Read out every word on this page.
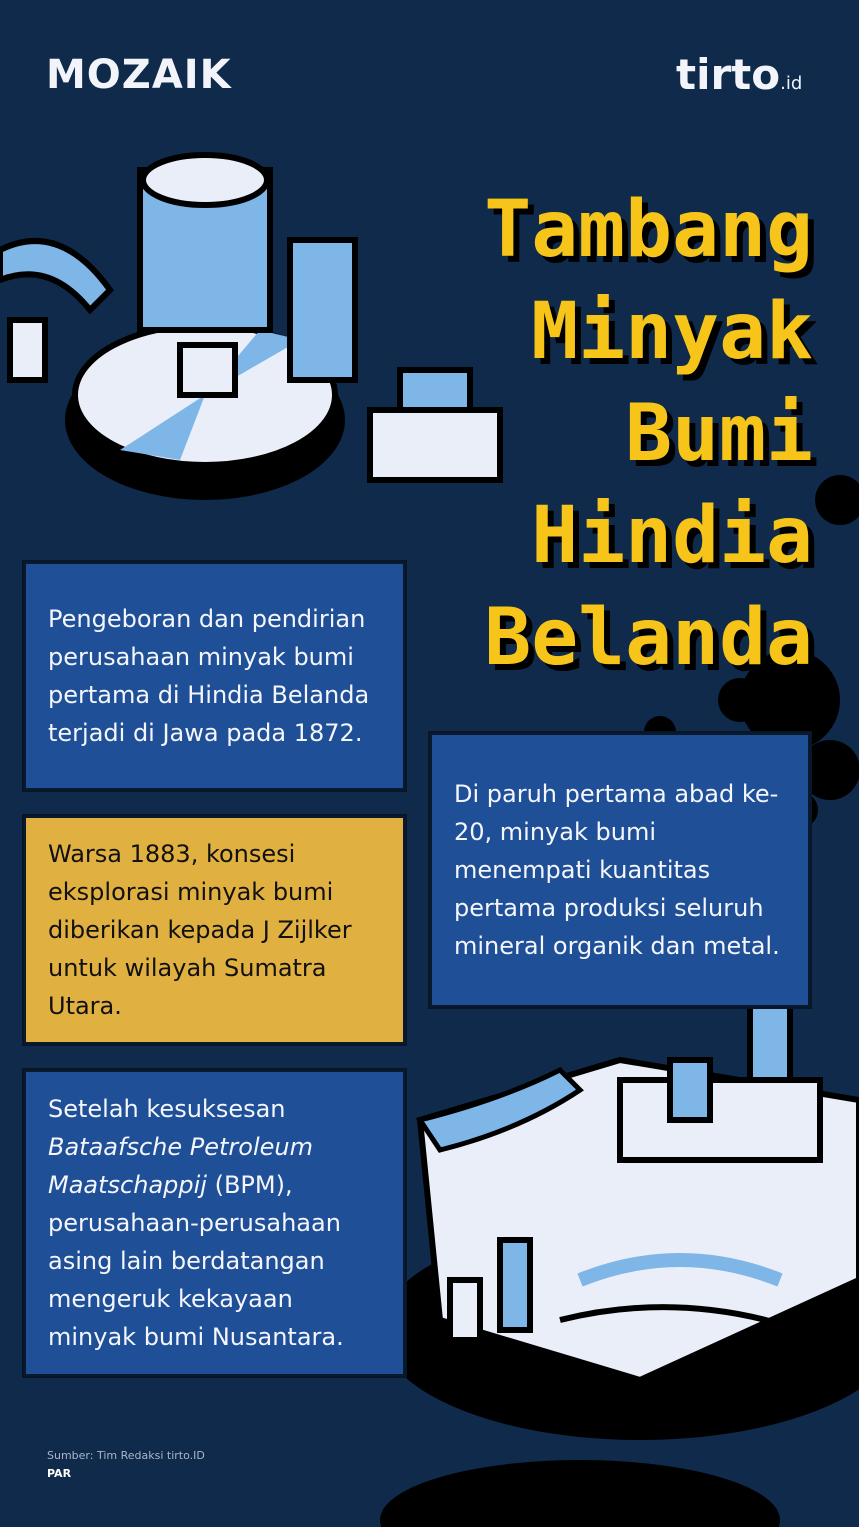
MOZAIK	tirto.id
Tambang
Minyak
Bumi
Hindia
Belanda
Pengeboran dan pendirian perusahaan minyak bumi pertama di Hindia Belanda terjadi di Jawa pada 1872.
Warsa 1883, konsesi eksplorasi minyak bumi diberikan kepada J Zijlker untuk wilayah Sumatra Utara.
Setelah kesuksesan Bataafsche Petroleum Maatschappij (BPM), perusahaan-perusahaan asing lain berdatangan mengeruk kekayaan minyak bumi Nusantara.
Di paruh pertama abad ke-20, minyak bumi menempati kuantitas pertama produksi seluruh mineral organik dan metal.
Sumber: Tim Redaksi tirto.ID
PAR
